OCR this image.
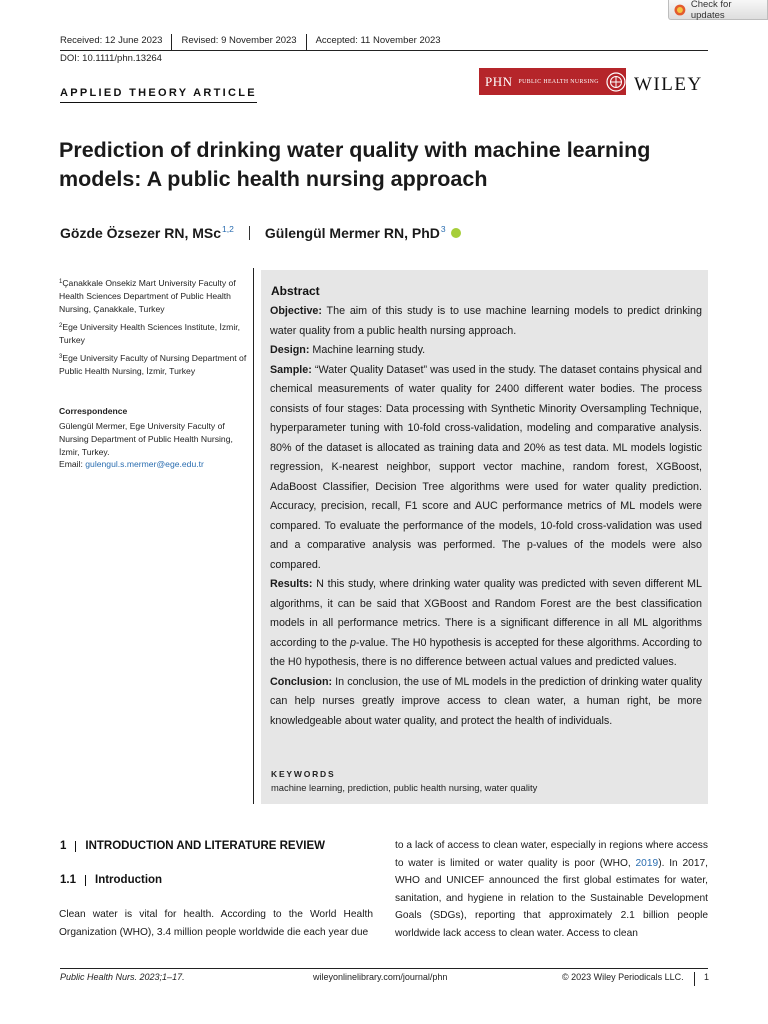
Check for updates
Received: 12 June 2023	Revised: 9 November 2023	Accepted: 11 November 2023
DOI: 10.1111/phn.13264
PHN PUBLIC HEALTH NURSING WILEY
APPLIED THEORY ARTICLE
Prediction of drinking water quality with machine learning models: A public health nursing approach
Gözde Özsezer RN, MSc$^{1,2}$ Gülengül Mermer RN, PhD$^3$
$^1$Çanakkale Onsekiz Mart University Faculty of Health Sciences Department of Public Health Nursing, Çanakkale, Turkey
$^2$Ege University Health Sciences Institute, İzmir, Turkey
$^3$Ege University Faculty of Nursing Department of Public Health Nursing, İzmir, Turkey
Correspondence
Gülengül Mermer, Ege University Faculty of Nursing Department of Public Health Nursing, İzmir, Turkey.
Email: gulengul.s.mermer@ege.edu.tr
Abstract

Objective: The aim of this study is to use machine learning models to predict drinking water quality from a public health nursing approach.

Design: Machine learning study.

Sample: “Water Quality Dataset” was used in the study. The dataset contains physical and chemical measurements of water quality for 2400 different water bodies. The process consists of four stages: Data processing with Synthetic Minority Oversampling Technique, hyperparameter tuning with 10-fold cross-validation, modeling and comparative analysis. 80% of the dataset is allocated as training data and 20% as test data. ML models logistic regression, K-nearest neighbor, support vector machine, random forest, XGBoost, AdaBoost Classifier, Decision Tree algorithms were used for water quality prediction. Accuracy, precision, recall, F1 score and AUC performance metrics of ML models were compared. To evaluate the performance of the models, 10-fold cross-validation was used and a comparative analysis was performed. The p-values of the models were also compared.

Results: N this study, where drinking water quality was predicted with seven different ML algorithms, it can be said that XGBoost and Random Forest are the best classification models in all performance metrics. There is a significant difference in all ML algorithms according to the p-value. The H0 hypothesis is accepted for these algorithms. According to the H0 hypothesis, there is no difference between actual values and predicted values.

Conclusion: In conclusion, the use of ML models in the prediction of drinking water quality can help nurses greatly improve access to clean water, a human right, be more knowledgeable about water quality, and protect the health of individuals.

KEYWORDS
machine learning, prediction, public health nursing, water quality
1 INTRODUCTION AND LITERATURE REVIEW
1.1 Introduction
Clean water is vital for health. According to the World Health Organization (WHO), 3.4 million people worldwide die each year due
to a lack of access to clean water, especially in regions where access to water is limited or water quality is poor (WHO, 2019). In 2017, WHO and UNICEF announced the first global estimates for water, sanitation, and hygiene in relation to the Sustainable Development Goals (SDGs), reporting that approximately 2.1 billion people worldwide lack access to clean water. Access to clean
Public Health Nurs. 2023;1–17.	wileyonlinelibrary.com/journal/phn	© 2023 Wiley Periodicals LLC. 1
